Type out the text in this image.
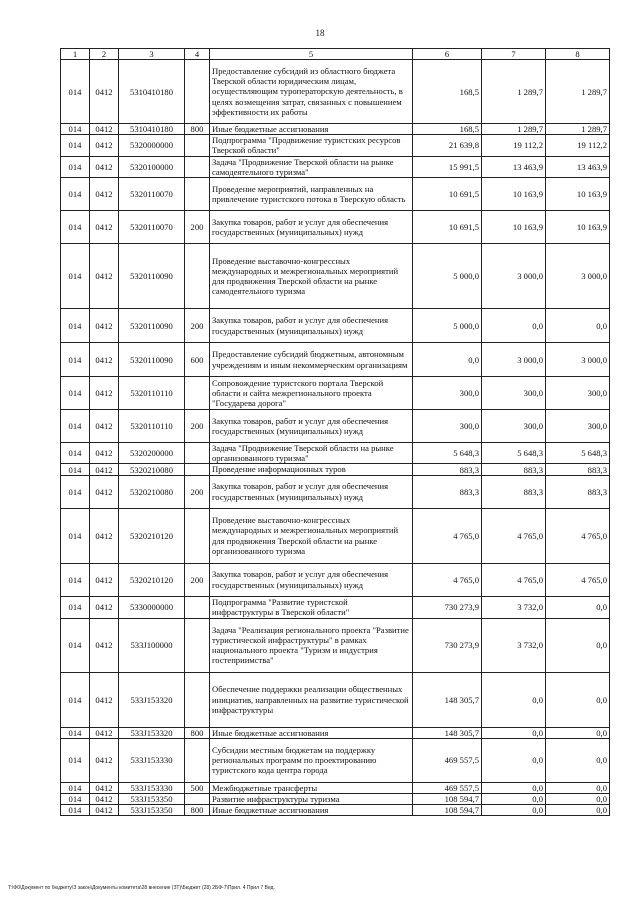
18
1	2	3	4	5	6	7	8
014	0412	5310410180		Предоставление субсидий из областного бюджета Тверской области юридическим лицам, осуществляющим туроператорскую деятельность, в целях возмещения затрат, связанных с повышением эффективности их работы	168,5	1 289,7	1 289,7
014	0412	5310410180	800	Иные бюджетные ассигнования	168,5	1 289,7	1 289,7
014	0412	5320000000		Подпрограмма "Продвижение туристских ресурсов Тверской области"	21 639,8	19 112,2	19 112,2
014	0412	5320100000		Задача "Продвижение Тверской области на рынке самодеятельного туризма"	15 991,5	13 463,9	13 463,9
014	0412	5320110070		Проведение мероприятий, направленных на привлечение туристского потока в Тверскую область	10 691,5	10 163,9	10 163,9
014	0412	5320110070	200	Закупка товаров, работ и услуг для обеспечения государственных (муниципальных) нужд	10 691,5	10 163,9	10 163,9
014	0412	5320110090		Проведение выставочно-конгрессных международных и межрегиональных мероприятий для продвижения Тверской области на рынке самодеятельного туризма	5 000,0	3 000,0	3 000,0
014	0412	5320110090	200	Закупка товаров, работ и услуг для обеспечения государственных (муниципальных) нужд	5 000,0	0,0	0,0
014	0412	5320110090	600	Предоставление субсидий бюджетным, автономным учреждениям и иным некоммерческим организациям	0,0	3 000,0	3 000,0
014	0412	5320110110		Сопровождение туристского портала Тверской области и сайта межрегионального проекта "Государева дорога"	300,0	300,0	300,0
014	0412	5320110110	200	Закупка товаров, работ и услуг для обеспечения государственных (муниципальных) нужд	300,0	300,0	300,0
014	0412	5320200000		Задача "Продвижение Тверской области на рынке организованного туризма"	5 648,3	5 648,3	5 648,3
014	0412	5320210080		Проведение информационных туров	883,3	883,3	883,3
014	0412	5320210080	200	Закупка товаров, работ и услуг для обеспечения государственных (муниципальных) нужд	883,3	883,3	883,3
014	0412	5320210120		Проведение выставочно-конгрессных международных и межрегиональных мероприятий для продвижения Тверской области на рынке организованного туризма	4 765,0	4 765,0	4 765,0
014	0412	5320210120	200	Закупка товаров, работ и услуг для обеспечения государственных (муниципальных) нужд	4 765,0	4 765,0	4 765,0
014	0412	5330000000		Подпрограмма "Развитие туристской инфраструктуры в Тверской области"	730 273,9	3 732,0	0,0
014	0412	533J100000		Задача "Реализация регионального проекта "Развитие туристической инфраструктуры" в рамках национального проекта "Туризм и индустрия гостеприимства"	730 273,9	3 732,0	0,0
014	0412	533J153320		Обеспечение поддержки реализации общественных инициатив, направленных на развитие туристической инфраструктуры	148 305,7	0,0	0,0
014	0412	533J153320	800	Иные бюджетные ассигнования	148 305,7	0,0	0,0
014	0412	533J153330		Субсидии местным бюджетам на поддержку региональных программ по проектированию туристского кода центра города	469 557,5	0,0	0,0
014	0412	533J153330	500	Межбюджетные трансферты	469 557,5	0,0	0,0
014	0412	533J153350		Развитие инфраструктуры туризма	108 594,7	0,0	0,0
014	0412	533J153350	800	Иные бюджетные ассигнования	108 594,7	0,0	0,0
T:\Ф0\Документ по бюджету\З закон\Документы комитета\28 внесение (ЗТ)\Бюджет (28) 2БФ-7\Прил. 4 Прил 7 Вед.
